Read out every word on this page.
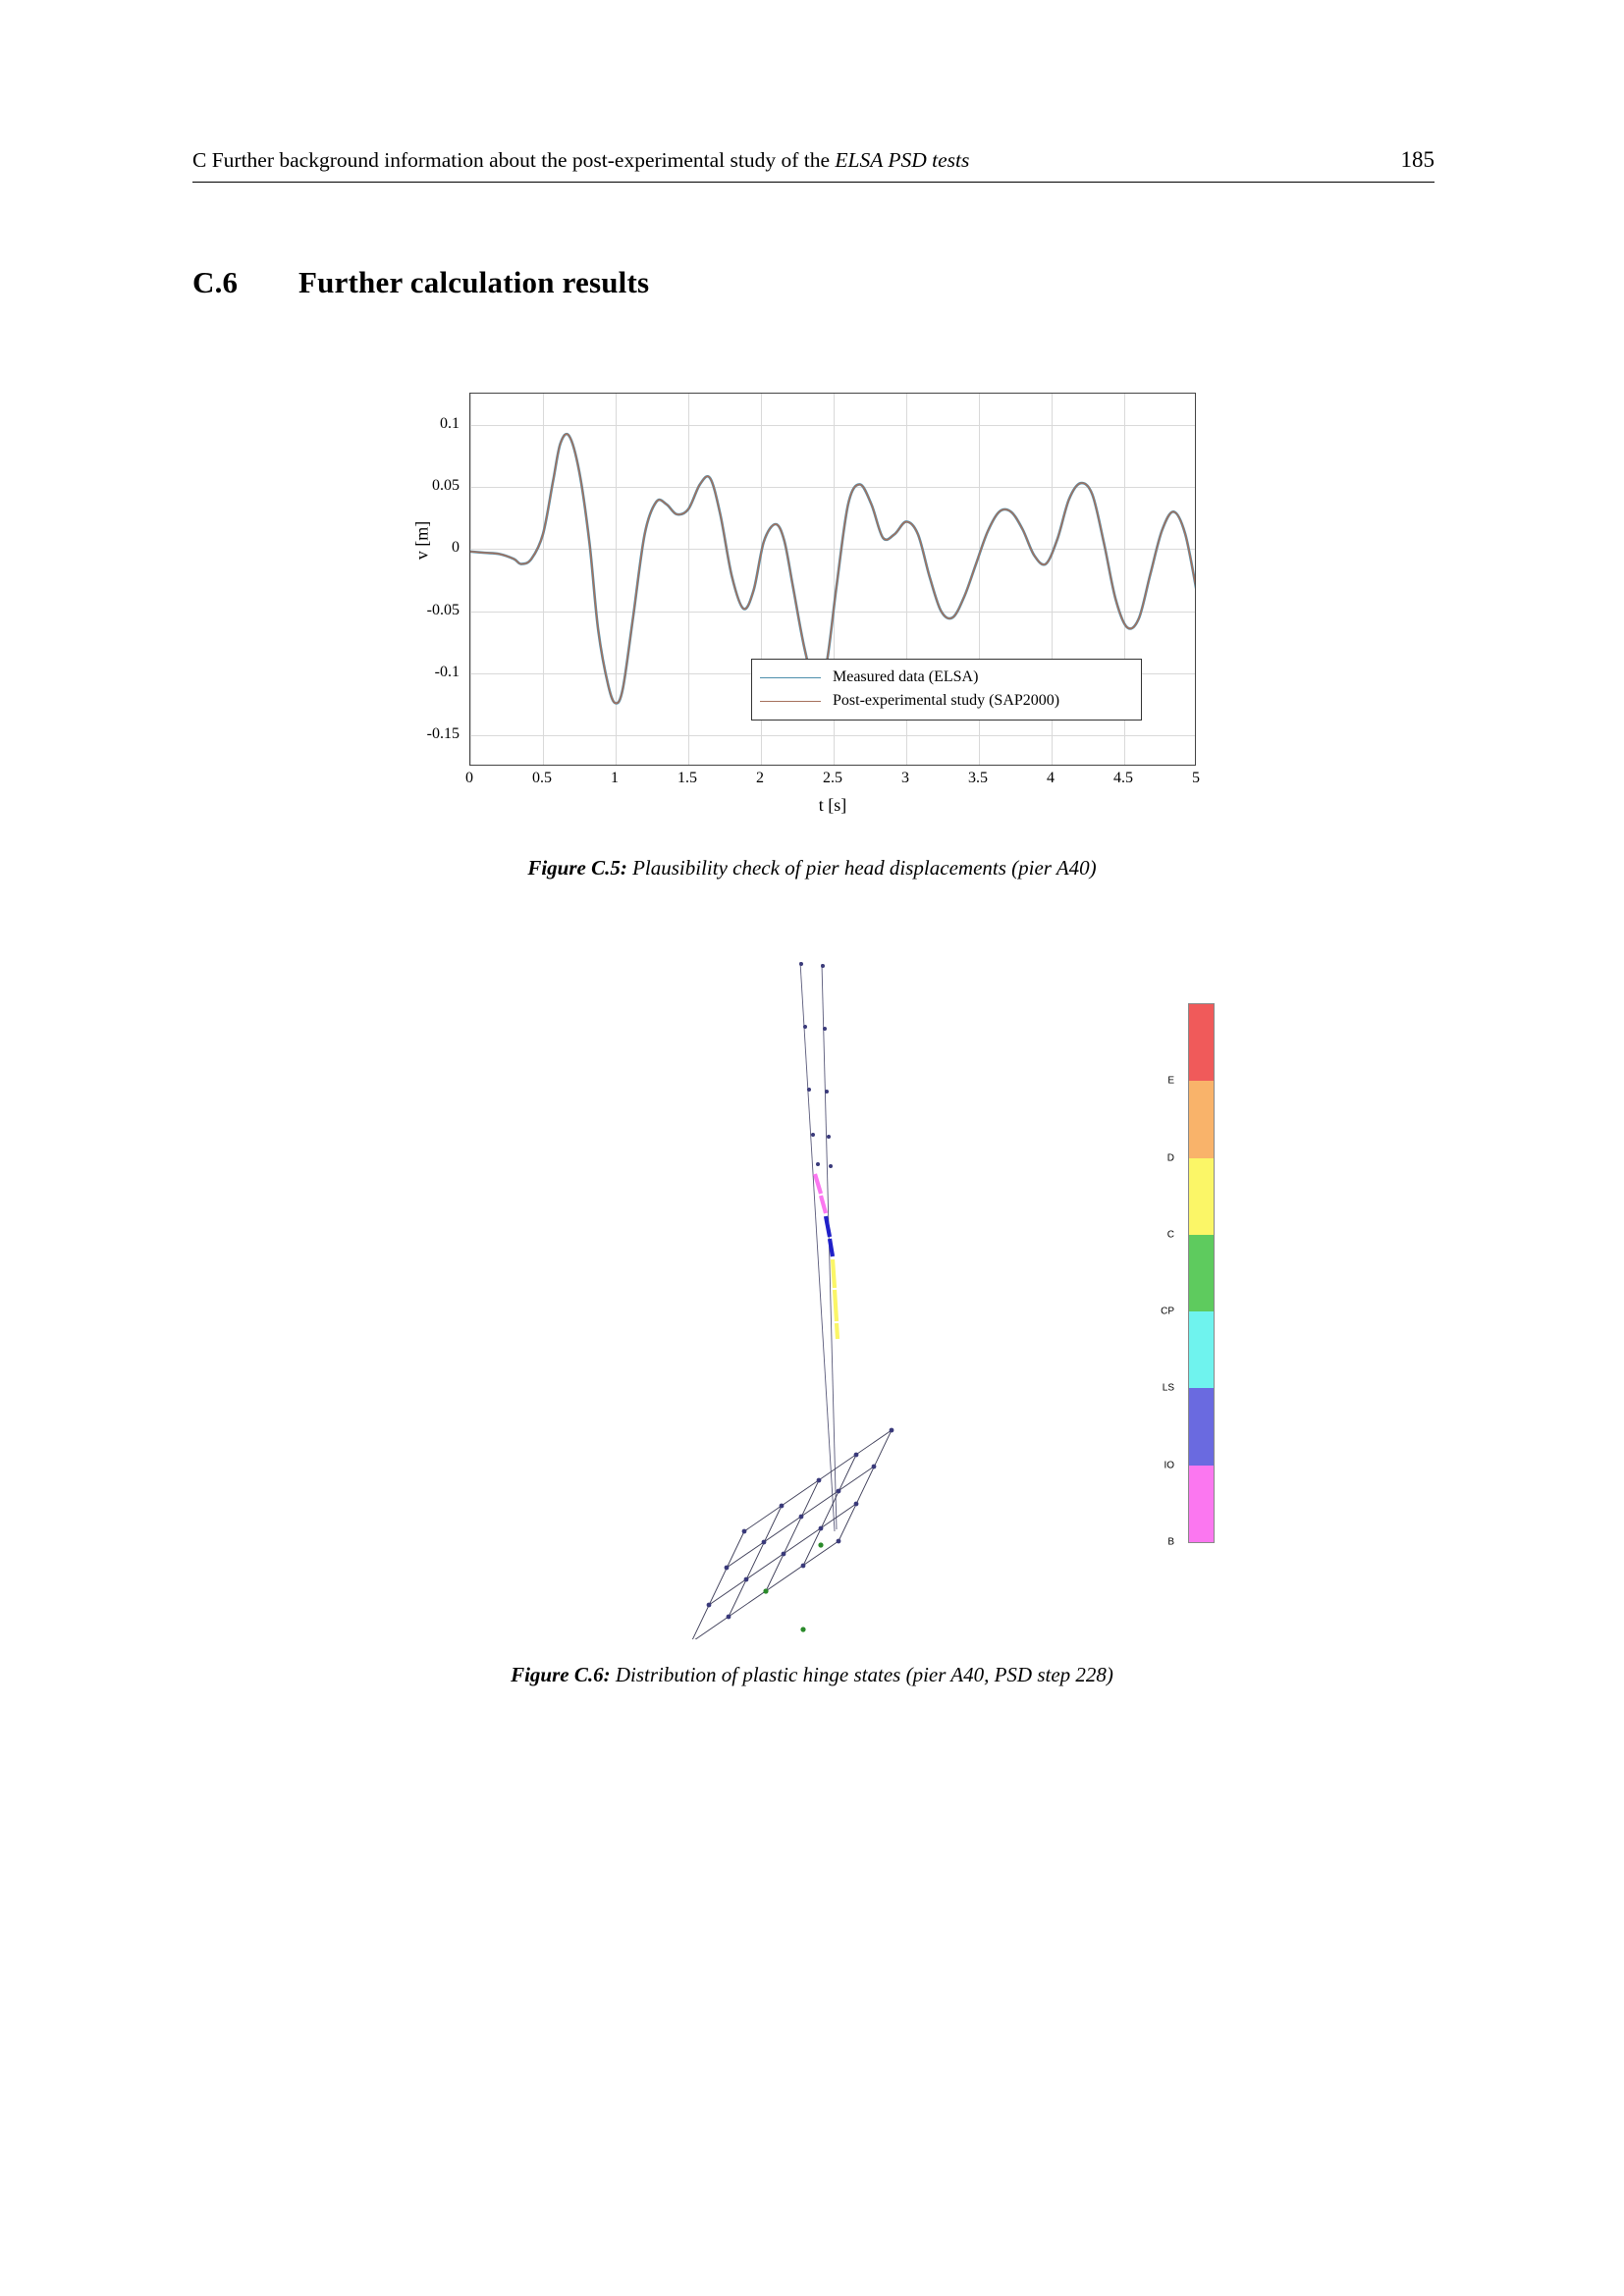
C Further background information about the post-experimental study of the ELSA PSD tests	185
C.6 Further calculation results
0.1
0.05
0
-0.05
-0.1
-0.15
v [m]
Measured data (ELSA)
Post-experimental study (SAP2000)
0	0.5	1	1.5	2	2.5	3	3.5	4	4.5	5
t [s]
Figure C.5: Plausibility check of pier head displacements (pier A40)
E
D
C
CP
LS
IO
B
Figure C.6: Distribution of plastic hinge states (pier A40, PSD step 228)
